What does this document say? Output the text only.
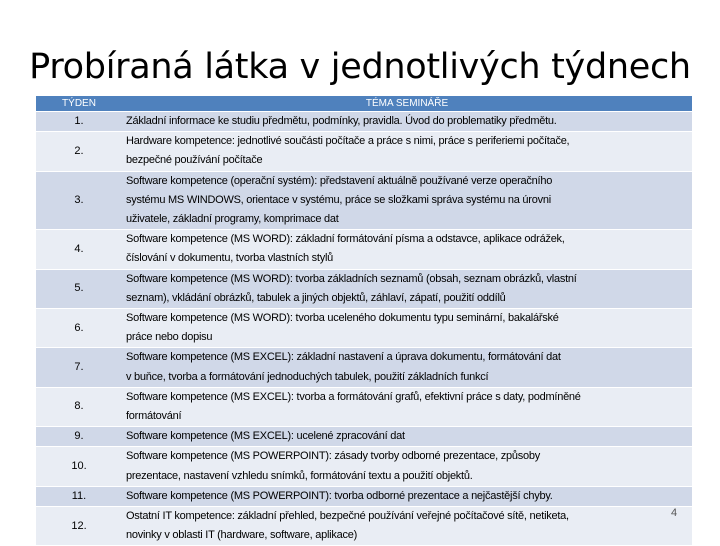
Probíraná látka v jednotlivých týdnech
TÝDEN	TÉMA SEMINÁŘE
1.	Základní informace ke studiu předmětu, podmínky, pravidla. Úvod do problematiky předmětu.
2.	Hardware kompetence: jednotlivé součásti počítače a práce s nimi, práce s periferiemi počítače,
bezpečné používání počítače
3.	Software kompetence (operační systém): představení aktuálně používané verze operačního
systému MS WINDOWS, orientace v systému, práce se složkami správa systému na úrovni
uživatele, základní programy, komprimace dat
4.	Software kompetence (MS WORD): základní formátování písma a odstavce, aplikace odrážek,
číslování v dokumentu, tvorba vlastních stylů
5.	Software kompetence (MS WORD): tvorba základních seznamů (obsah, seznam obrázků, vlastní
seznam), vkládání obrázků, tabulek a jiných objektů, záhlaví, zápatí, použití oddílů
6.	Software kompetence (MS WORD): tvorba uceleného dokumentu typu seminární, bakalářské
práce nebo dopisu
7.	Software kompetence (MS EXCEL): základní nastavení a úprava dokumentu, formátování dat
v buňce, tvorba a formátování jednoduchých tabulek, použití základních funkcí
8.	Software kompetence (MS EXCEL): tvorba a formátování grafů, efektivní práce s daty, podmíněné
formátování
9.	Software kompetence (MS EXCEL): ucelené zpracování dat
10.	Software kompetence (MS POWERPOINT): zásady tvorby odborné prezentace, způsoby
prezentace, nastavení vzhledu snímků, formátování textu a použití objektů.
11.	Software kompetence (MS POWERPOINT): tvorba odborné prezentace a nejčastější chyby.
12.	Ostatní IT kompetence: základní přehled, bezpečné používání veřejné počítačové sítě, netiketa,
novinky v oblasti IT (hardware, software, aplikace)
4
